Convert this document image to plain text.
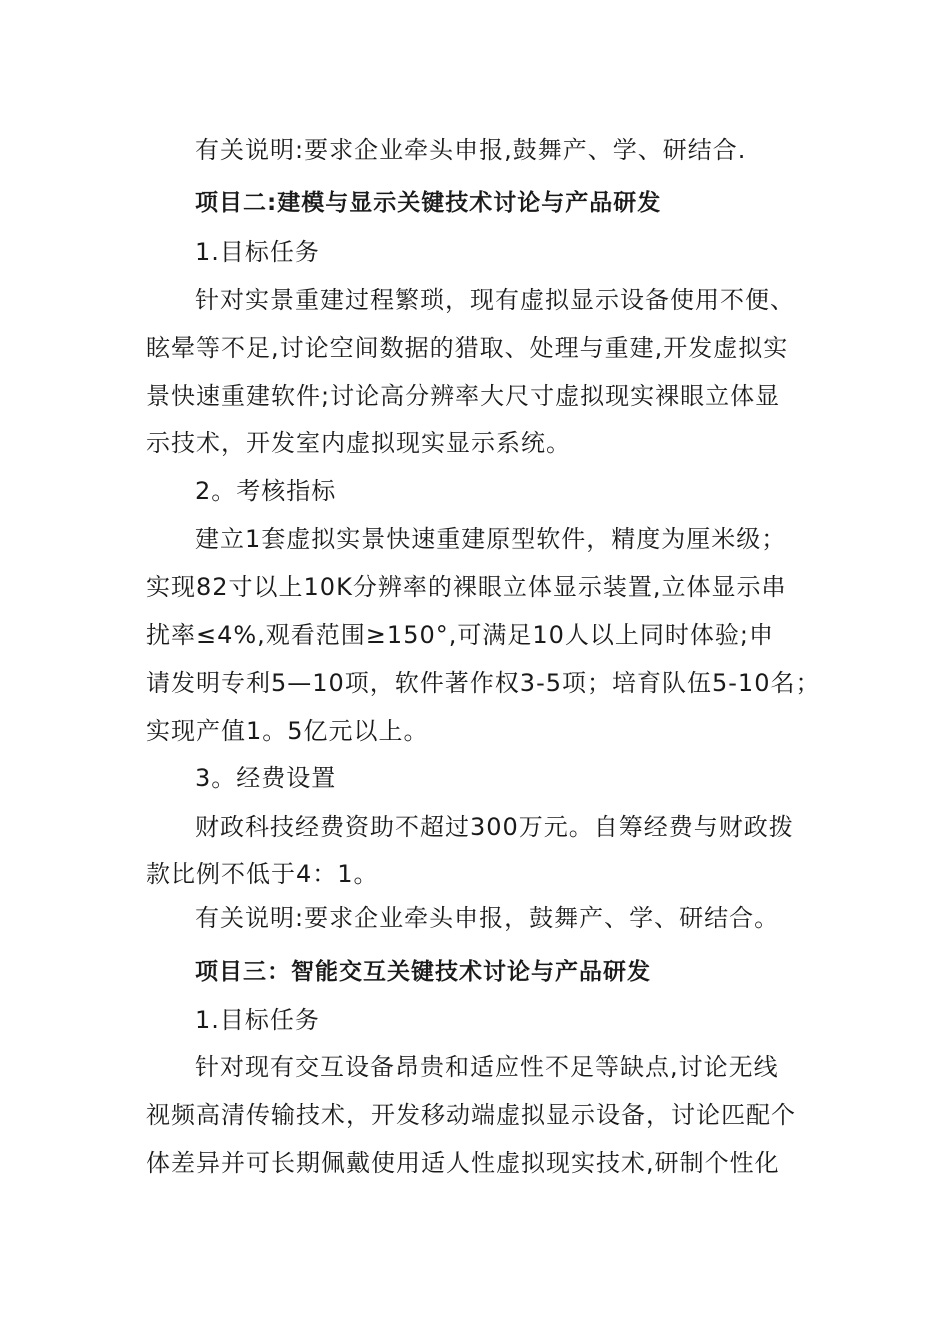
有关说明:要求企业牵头申报,鼓舞产、学、研结合.
项目二:建模与显示关键技术讨论与产品研发
1.目标任务
针对实景重建过程繁琐，现有虚拟显示设备使用不便、
眩晕等不足,讨论空间数据的猎取、处理与重建,开发虚拟实
景快速重建软件;讨论高分辨率大尺寸虚拟现实裸眼立体显
示技术，开发室内虚拟现实显示系统。
2。考核指标
建立1套虚拟实景快速重建原型软件，精度为厘米级；
实现82寸以上10K分辨率的裸眼立体显示装置,立体显示串
扰率≤4%,观看范围≥150°,可满足10人以上同时体验;申
请发明专利5—10项，软件著作权3-5项；培育队伍5-10名；
实现产值1。5亿元以上。
3。经费设置
财政科技经费资助不超过300万元。自筹经费与财政拨
款比例不低于4：1。
有关说明:要求企业牵头申报，鼓舞产、学、研结合。
项目三：智能交互关键技术讨论与产品研发
1.目标任务
针对现有交互设备昂贵和适应性不足等缺点,讨论无线
视频高清传输技术，开发移动端虚拟显示设备，讨论匹配个
体差异并可长期佩戴使用适人性虚拟现实技术,研制个性化
